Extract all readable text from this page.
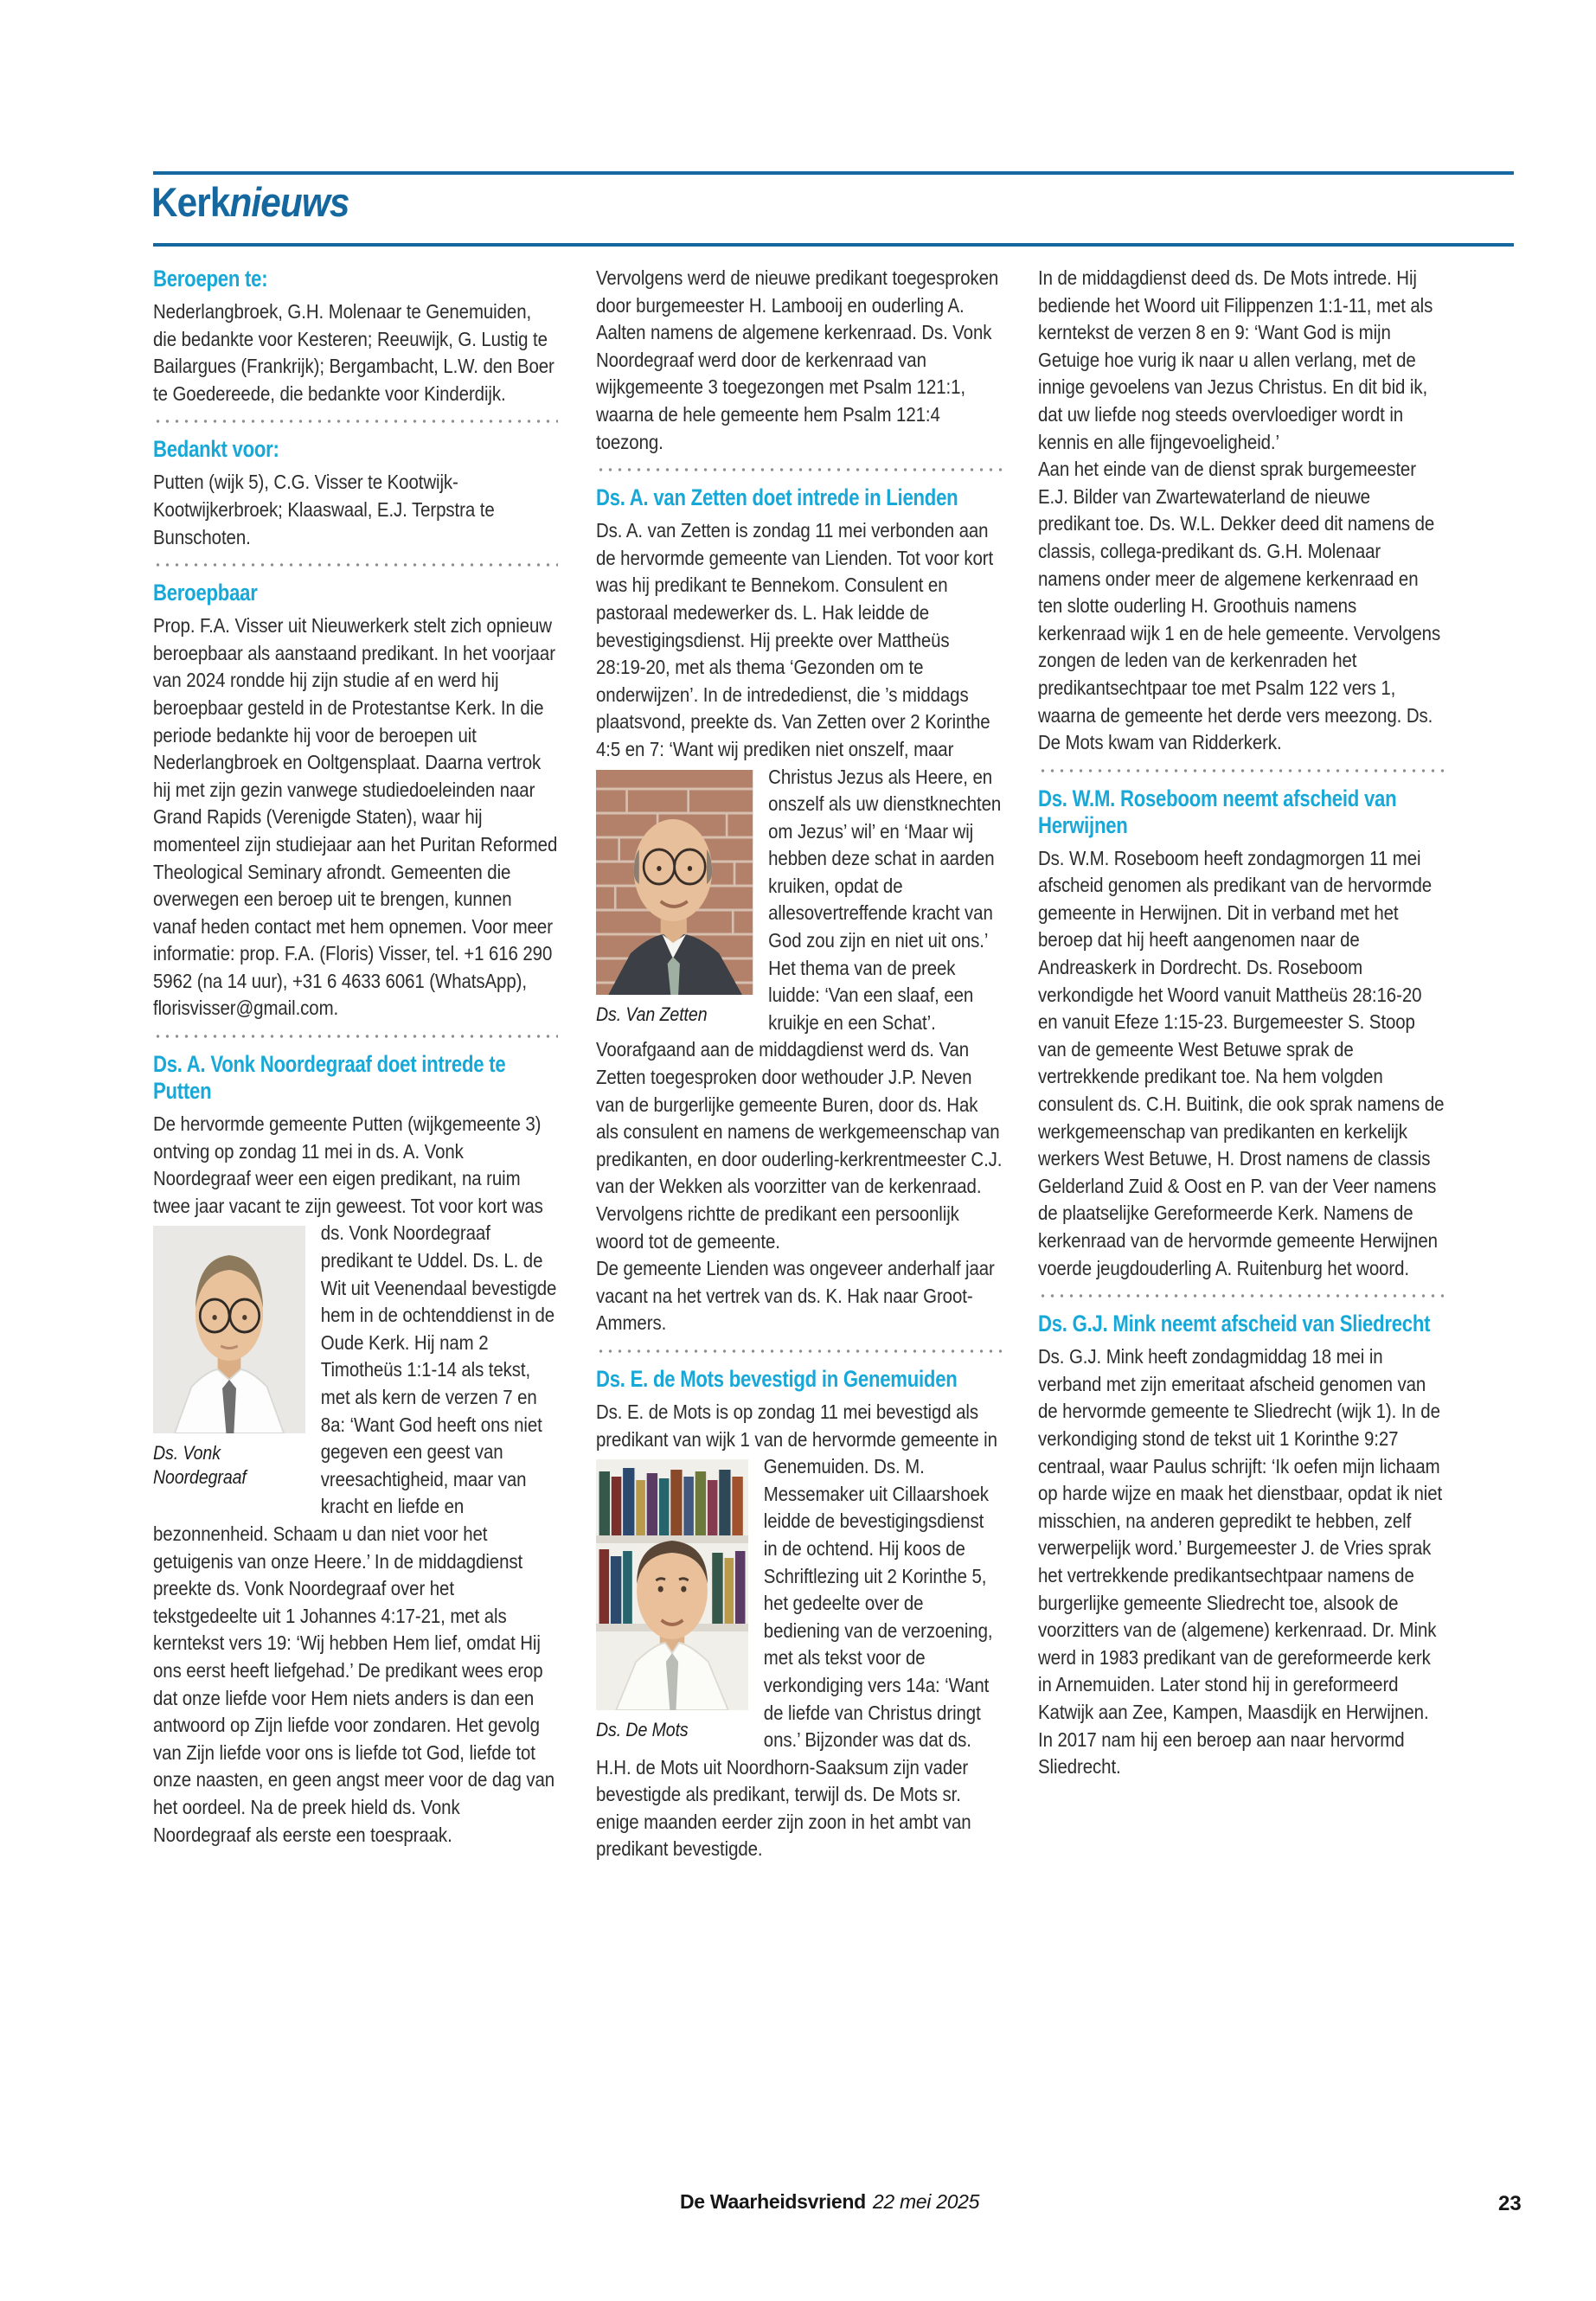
Kerknieuws
Beroepen te:

Nederlangbroek, G.H. Molenaar te Genemuiden, die bedankte voor Kesteren; Reeuwijk, G. Lustig te Bailargues (Frankrijk); Bergambacht, L.W. den Boer te Goedereede, die bedankte voor Kinderdijk.

Bedankt voor:

Putten (wijk 5), C.G. Visser te Kootwijk-Kootwijkerbroek; Klaaswaal, E.J. Terpstra te Bunschoten.

Beroepbaar

Prop. F.A. Visser uit Nieuwerkerk stelt zich opnieuw beroepbaar als aanstaand predikant. In het voorjaar van 2024 rondde hij zijn studie af en werd hij beroepbaar gesteld in de Protestantse Kerk. In die periode bedankte hij voor de beroepen uit Nederlangbroek en Ooltgensplaat. Daarna vertrok hij met zijn gezin vanwege studiedoeleinden naar Grand Rapids (Verenigde Staten), waar hij momenteel zijn studiejaar aan het Puritan Reformed Theological Seminary afrondt. Gemeenten die overwegen een beroep uit te brengen, kunnen vanaf heden contact met hem opnemen. Voor meer informatie: prop. F.A. (Floris) Visser, tel. +1 616 290 5962 (na 14 uur), +31 6 4633 6061 (WhatsApp), florisvisser@gmail.com.

Ds. A. Vonk Noordegraaf doet intrede te Putten

De hervormde gemeente Putten (wijkgemeente 3) ontving op zondag 11 mei in ds. A. Vonk Noordegraaf weer een eigen predikant, na ruim twee jaar vacant te zijn geweest. Tot voor kort was ds. Vonk Noordegraaf
Ds. Vonk Noordegraaf
predikant te Uddel. Ds. L. de Wit uit Veenendaal bevestigde hem in de ochtenddienst in de Oude Kerk. Hij nam 2 Timotheüs 1:1-14 als tekst, met als kern de verzen 7 en 8a: ‘Want God heeft ons niet gegeven een geest van vreesachtigheid, maar van kracht en liefde en bezonnenheid. Schaam u dan niet voor het getuigenis van onze Heere.’ In de middagdienst preekte ds. Vonk Noordegraaf over het tekstgedeelte uit 1 Johannes 4:17-21, met als kerntekst vers 19: ‘Wij hebben Hem lief, omdat Hij ons eerst heeft liefgehad.’ De predikant wees erop dat onze liefde voor Hem niets anders is dan een antwoord op Zijn liefde voor zondaren. Het gevolg van Zijn liefde voor ons is liefde tot God, liefde tot onze naasten, en geen angst meer voor de dag van het oordeel. Na de preek hield ds. Vonk Noordegraaf als eerste een toespraak.

Vervolgens werd de nieuwe predikant toegesproken door burgemeester H. Lambooij en ouderling A. Aalten namens de algemene kerkenraad. Ds. Vonk Noordegraaf werd door de kerkenraad van wijkgemeente 3 toegezongen met Psalm 121:1, waarna de hele gemeente hem Psalm 121:4 toezong.

Ds. A. van Zetten doet intrede in Lienden

Ds. A. van Zetten is zondag 11 mei verbonden aan de hervormde gemeente van Lienden. Tot voor kort was hij predikant te Bennekom. Consulent en pastoraal medewerker ds. L. Hak leidde de bevestigingsdienst. Hij preekte over Mattheüs 28:19-20, met als thema ‘Gezonden om te onderwijzen’. In de intrededienst, die ’s middags plaatsvond, preekte ds. Van Zetten over 2 Korinthe 4:5 en 7: ‘Want wij prediken niet onszelf, maar
Ds. Van Zetten
Christus Jezus als Heere, en onszelf als uw dienstknechten om Jezus’ wil’ en ‘Maar wij hebben deze schat in aarden kruiken, opdat de allesovertreffende kracht van God zou zijn en niet uit ons.’ Het thema van de preek luidde: ‘Van een slaaf, een kruikje en een Schat’. Voorafgaand aan de middagdienst werd ds. Van Zetten toegesproken door wethouder J.P. Neven van de burgerlijke gemeente Buren, door ds. Hak als consulent en namens de werkgemeenschap van predikanten, en door ouderling-kerkrentmeester C.J. van der Wekken als voorzitter van de kerkenraad. Vervolgens richtte de predikant een persoonlijk woord tot de gemeente.

De gemeente Lienden was ongeveer anderhalf jaar vacant na het vertrek van ds. K. Hak naar Groot-Ammers.

Ds. E. de Mots bevestigd in Genemuiden

Ds. E. de Mots is op zondag 11 mei bevestigd als predikant van wijk 1 van de hervormde gemeente in Genemuiden. Ds. M.
Ds. De Mots
Messemaker uit Cillaarshoek leidde de bevestigingsdienst in de ochtend. Hij koos de Schriftlezing uit 2 Korinthe 5, het gedeelte over de bediening van de verzoening, met als tekst voor de verkondiging vers 14a: ‘Want de liefde van Christus dringt ons.’ Bijzonder was dat ds. H.H. de Mots uit Noordhorn-Saaksum zijn vader bevestigde als predikant, terwijl ds. De Mots sr. enige maanden eerder zijn zoon in het ambt van predikant bevestigde.

In de middagdienst deed ds. De Mots intrede. Hij bediende het Woord uit Filippenzen 1:1-11, met als kerntekst de verzen 8 en 9: ‘Want God is mijn Getuige hoe vurig ik naar u allen verlang, met de innige gevoelens van Jezus Christus. En dit bid ik, dat uw liefde nog steeds overvloediger wordt in kennis en alle fijngevoeligheid.’

Aan het einde van de dienst sprak burgemeester E.J. Bilder van Zwartewaterland de nieuwe predikant toe. Ds. W.L. Dekker deed dit namens de classis, collega-predikant ds. G.H. Molenaar namens onder meer de algemene kerkenraad en ten slotte ouderling H. Groothuis namens kerkenraad wijk 1 en de hele gemeente. Vervolgens zongen de leden van de kerkenraden het predikantsechtpaar toe met Psalm 122 vers 1, waarna de gemeente het derde vers meezong. Ds. De Mots kwam van Ridderkerk.

Ds. W.M. Roseboom neemt afscheid van Herwijnen

Ds. W.M. Roseboom heeft zondagmorgen 11 mei afscheid genomen als predikant van de hervormde gemeente in Herwijnen. Dit in verband met het beroep dat hij heeft aangenomen naar de Andreaskerk in Dordrecht. Ds. Roseboom verkondigde het Woord vanuit Mattheüs 28:16-20 en vanuit Efeze 1:15-23. Burgemeester S. Stoop van de gemeente West Betuwe sprak de vertrekkende predikant toe. Na hem volgden consulent ds. C.H. Buitink, die ook sprak namens de werkgemeenschap van predikanten en kerkelijk werkers West Betuwe, H. Drost namens de classis Gelderland Zuid & Oost en P. van der Veer namens de plaatselijke Gereformeerde Kerk. Namens de kerkenraad van de hervormde gemeente Herwijnen voerde jeugdouderling A. Ruitenburg het woord.

Ds. G.J. Mink neemt afscheid van Sliedrecht

Ds. G.J. Mink heeft zondagmiddag 18 mei in verband met zijn emeritaat afscheid genomen van de hervormde gemeente te Sliedrecht (wijk 1). In de verkondiging stond de tekst uit 1 Korinthe 9:27 centraal, waar Paulus schrijft: ‘Ik oefen mijn lichaam op harde wijze en maak het dienstbaar, opdat ik niet misschien, na anderen gepredikt te hebben, zelf verwerpelijk word.’ Burgemeester J. de Vries sprak het vertrekkende predikantsechtpaar namens de burgerlijke gemeente Sliedrecht toe, alsook de voorzitters van de (algemene) kerkenraad. Dr. Mink werd in 1983 predikant van de gereformeerde kerk in Arnemuiden. Later stond hij in gereformeerd Katwijk aan Zee, Kampen, Maasdijk en Herwijnen. In 2017 nam hij een beroep aan naar hervormd Sliedrecht.

De Waarheidsvriend 22 mei 2025	23
